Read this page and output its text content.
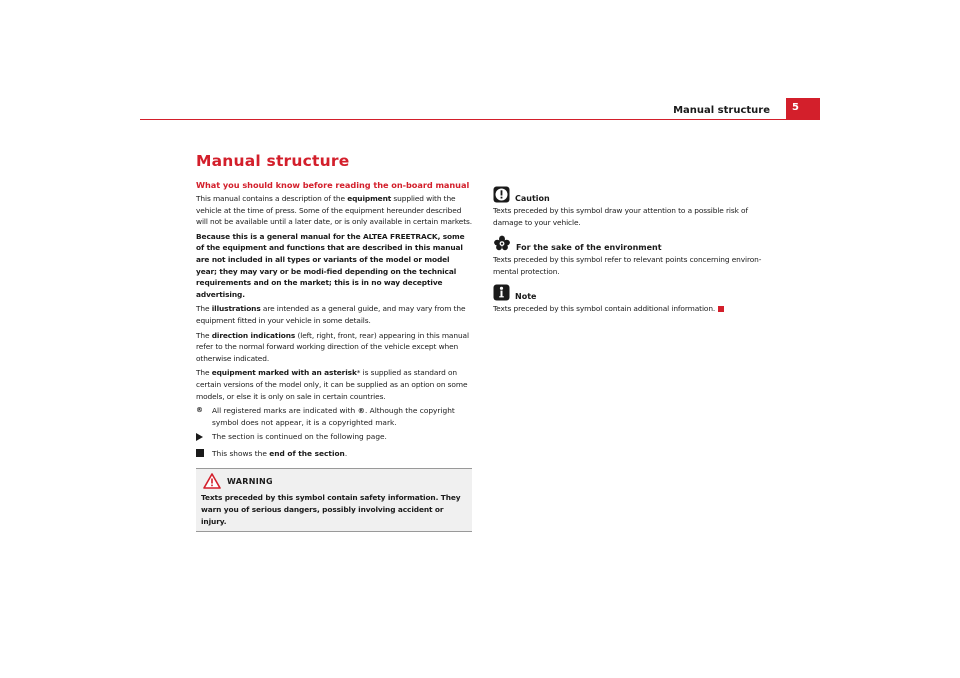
Manual structure	5
Manual structure
What you should know before reading the on-board manual

This manual contains a description of the equipment supplied with the vehicle at the time of press. Some of the equipment hereunder described will not be available until a later date, or is only available in certain markets.

Because this is a general manual for the ALTEA FREETRACK, some of the equipment and functions that are described in this manual are not included in all types or variants of the model or model year; they may vary or be modi-fied depending on the technical requirements and on the market; this is in no way deceptive advertising.

The illustrations are intended as a general guide, and may vary from the equipment fitted in your vehicle in some details.

The direction indications (left, right, front, rear) appearing in this manual refer to the normal forward working direction of the vehicle except when otherwise indicated.

The equipment marked with an asterisk* is supplied as standard on certain versions of the model only, it can be supplied as an option on some models, or else it is only on sale in certain countries.

®	All registered marks are indicated with ®. Although the copyright symbol does not appear, it is a copyrighted mark.
The section is continued on the following page.
This shows the end of the section.
WARNING

Texts preceded by this symbol contain safety information. They warn you of serious dangers, possibly involving accident or injury.

Caution

Texts preceded by this symbol draw your attention to a possible risk of damage to your vehicle.

For the sake of the environment

Texts preceded by this symbol refer to relevant points concerning environ-mental protection.

Note

Texts preceded by this symbol contain additional information.
